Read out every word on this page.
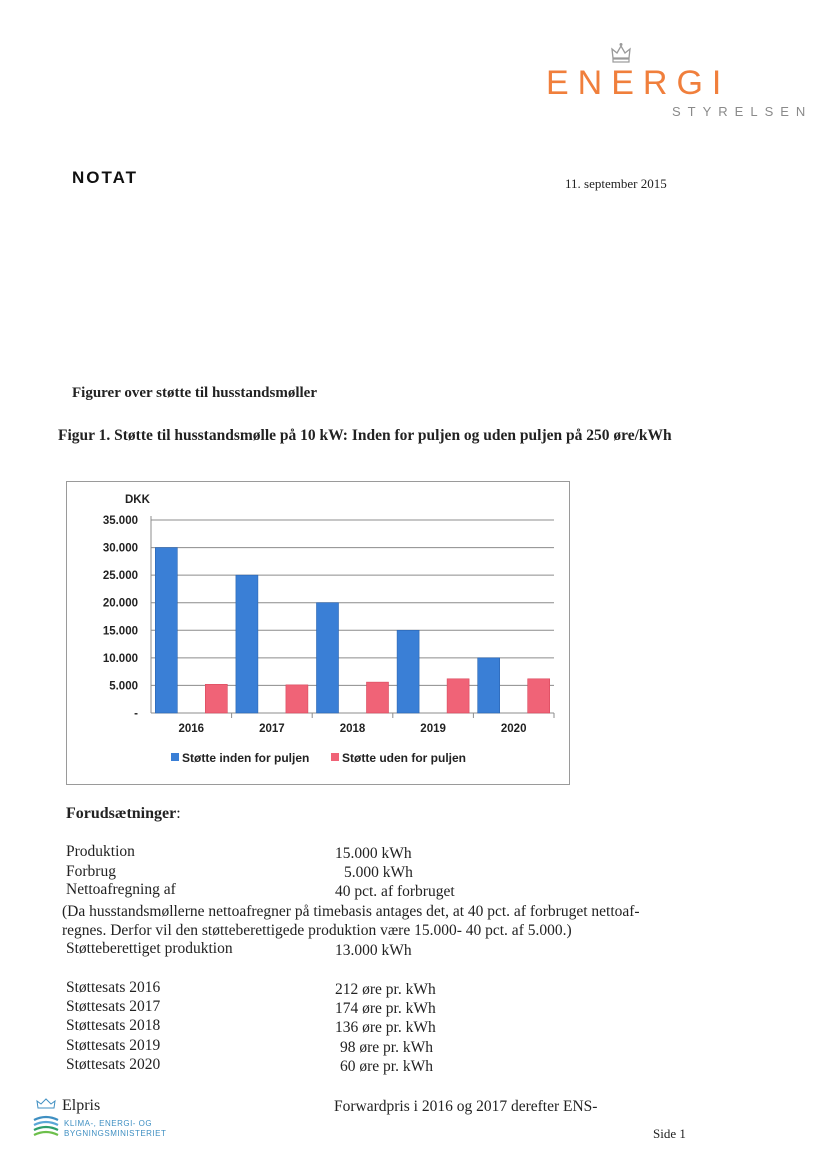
ENERGI
STYRELSEN
NOTAT	11. september 2015
Figurer over støtte til husstandsmøller
Figur 1. Støtte til husstandsmølle på 10 kW: Inden for puljen og uden puljen på 250 øre/kWh
DKK
35.000
30.000
25.000
20.000
15.000
10.000
5.000
-
2016	2017	2018	2019	2020
Støtte inden for puljen	Støtte uden for puljen
Forudsætninger:
Produktion	15.000 kWh
Forbrug	5.000 kWh
Nettoafregning af	40 pct. af forbruget
(Da husstandsmøllerne nettoafregner på timebasis antages det, at 40 pct. af forbruget nettoaf-
regnes. Derfor vil den støtteberettigede produktion være 15.000- 40 pct. af 5.000.)
Støtteberettiget produktion	13.000 kWh
Støttesats 2016	212 øre pr. kWh
Støttesats 2017	174 øre pr. kWh
Støttesats 2018	136 øre pr. kWh
Støttesats 2019	98 øre pr. kWh
Støttesats 2020	60 øre pr. kWh
KLIMA-, ENERGI- OG
BYGNINGSMINISTERIET
Elpris	Forwardpris i 2016 og 2017 derefter ENS-
Side 1
